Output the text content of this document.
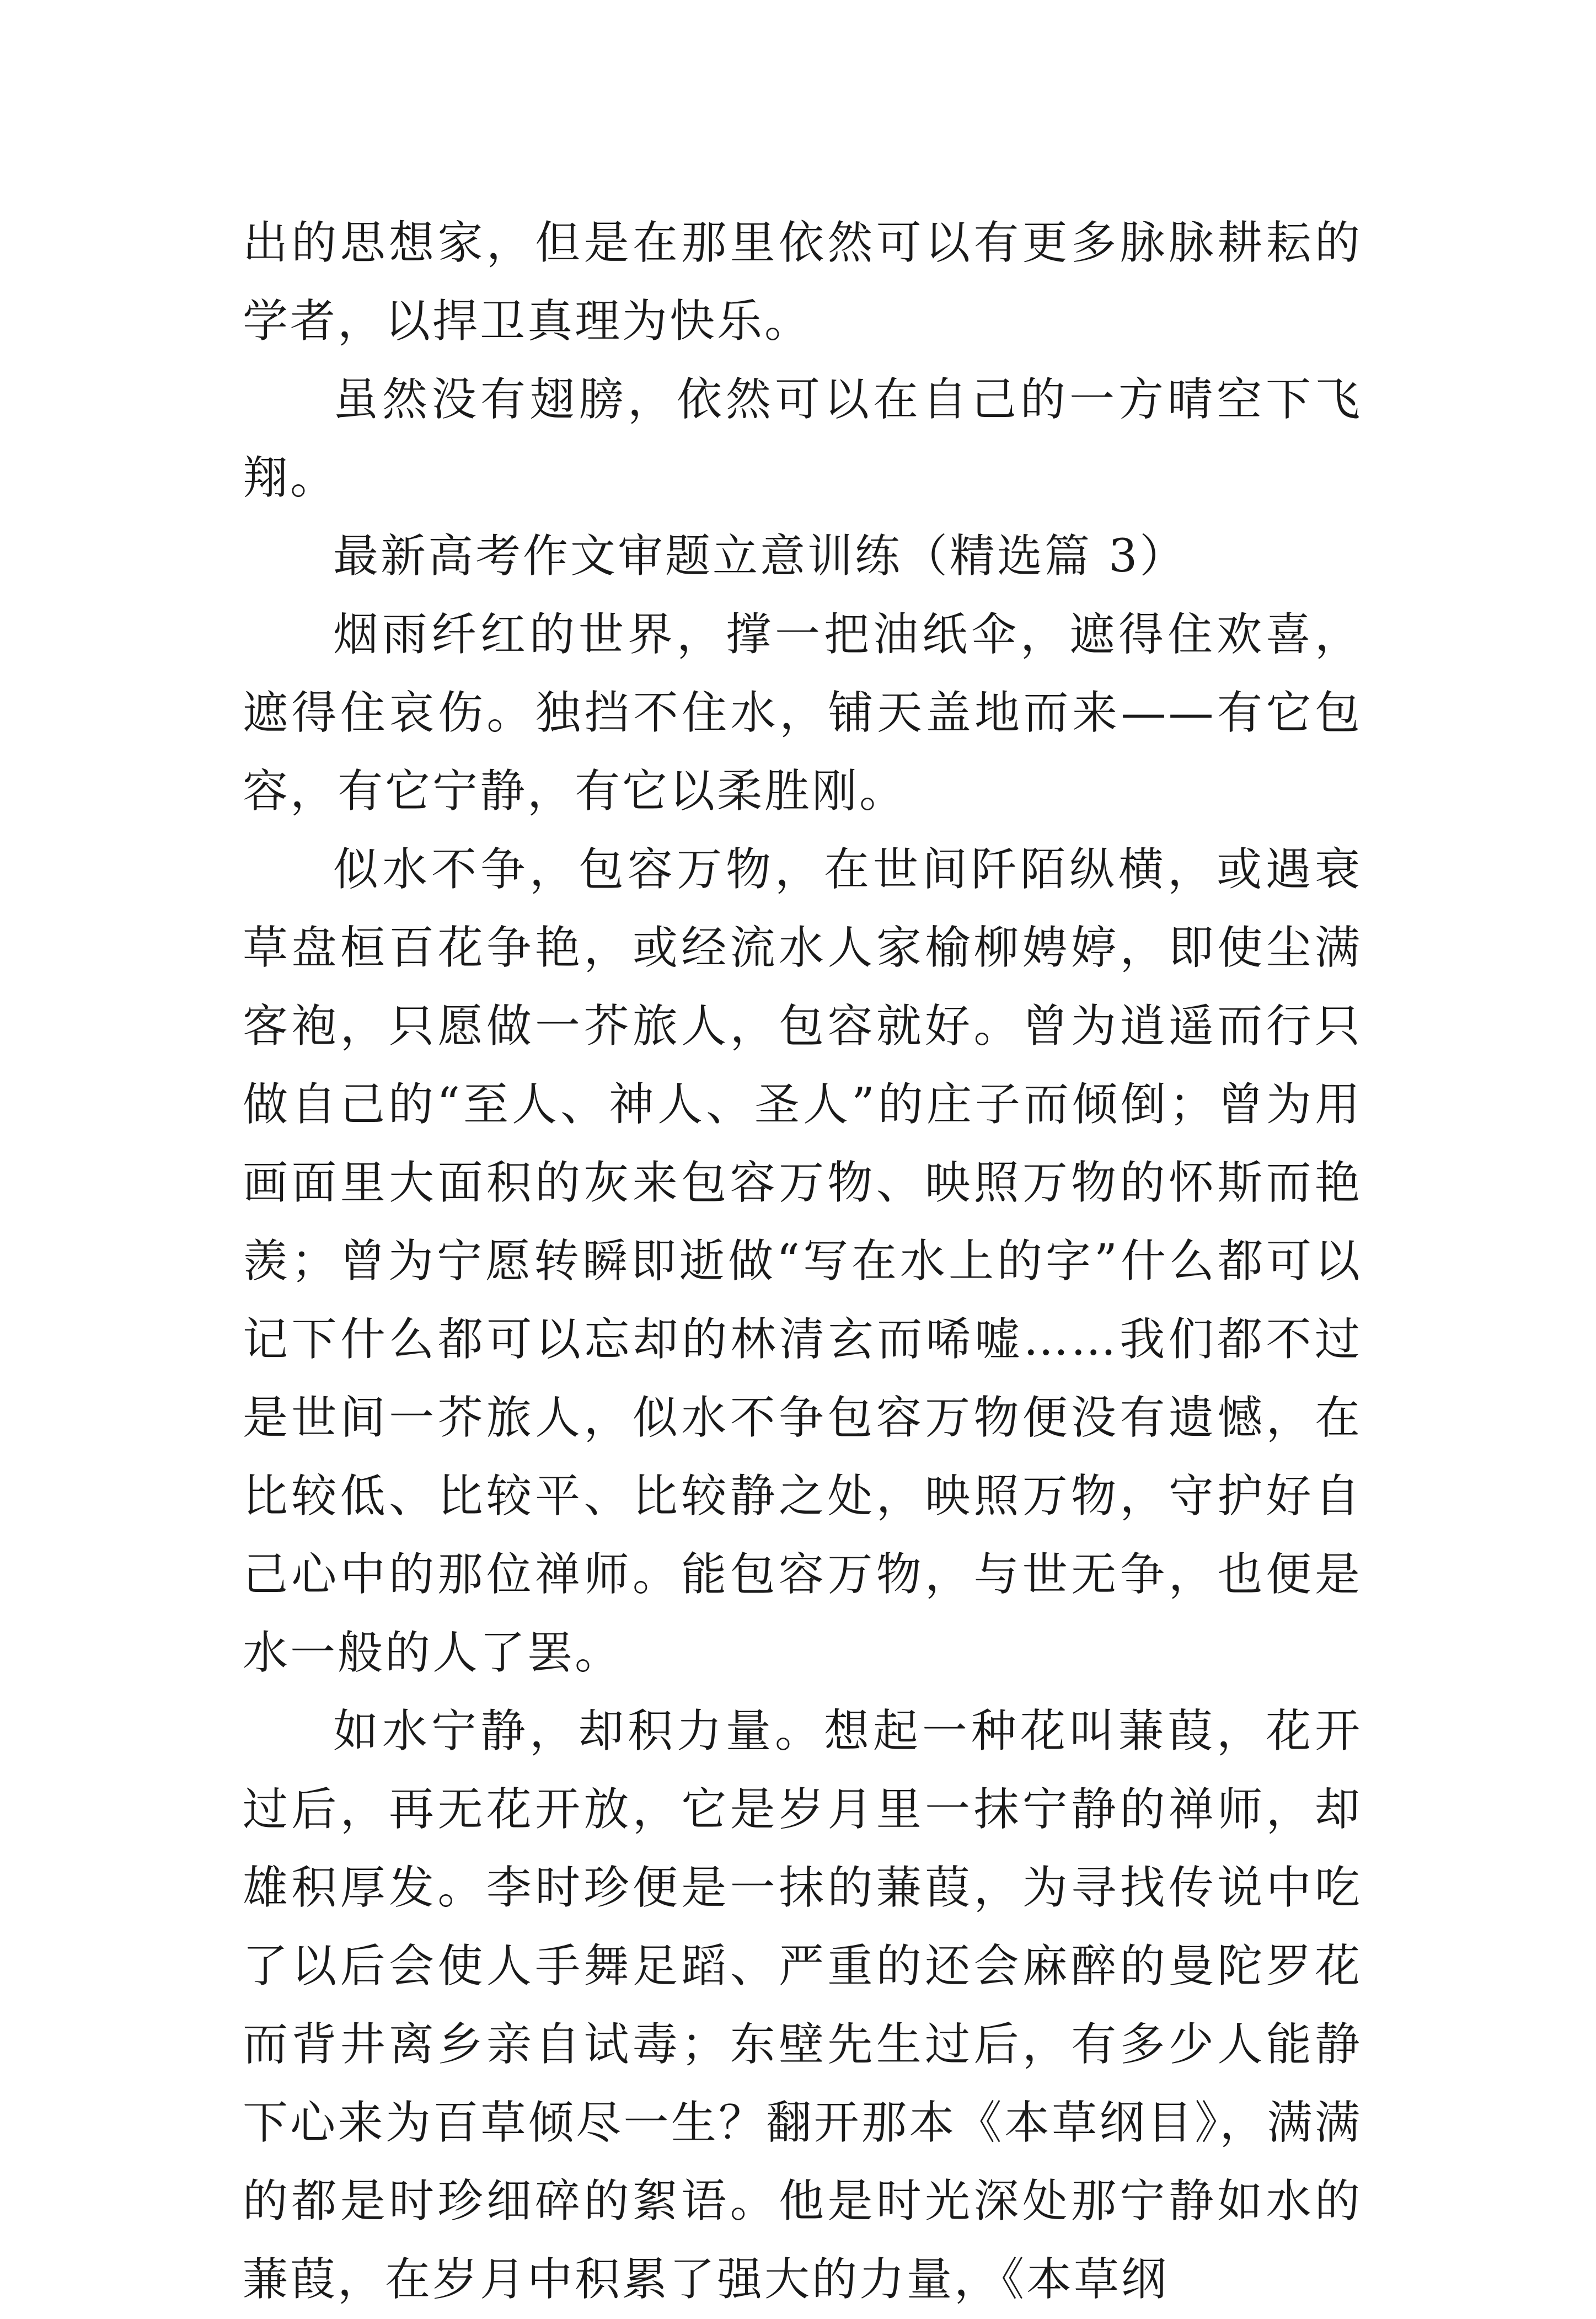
出的思想家，但是在那里依然可以有更多脉脉耕耘的学者，以捍卫真理为快乐。

虽然没有翅膀，依然可以在自己的一方晴空下飞翔。

最新高考作文审题立意训练（精选篇 3）

烟雨纤红的世界，撑一把油纸伞，遮得住欢喜，遮得住哀伤。独挡不住水，铺天盖地而来——有它包容，有它宁静，有它以柔胜刚。

似水不争，包容万物，在世间阡陌纵横，或遇衰草盘桓百花争艳，或经流水人家榆柳娉婷，即使尘满客袍，只愿做一芥旅人，包容就好。曾为逍遥而行只做自己的“至人、神人、圣人”的庄子而倾倒；曾为用画面里大面积的灰来包容万物、映照万物的怀斯而艳羡；曾为宁愿转瞬即逝做“写在水上的字”什么都可以记下什么都可以忘却的林清玄而唏嘘……我们都不过是世间一芥旅人，似水不争包容万物便没有遗憾，在比较低、比较平、比较静之处，映照万物，守护好自己心中的那位禅师。能包容万物，与世无争，也便是水一般的人了罢。

如水宁静，却积力量。想起一种花叫蒹葭，花开过后，再无花开放，它是岁月里一抹宁静的禅师，却雄积厚发。李时珍便是一抹的蒹葭，为寻找传说中吃了以后会使人手舞足蹈、严重的还会麻醉的曼陀罗花而背井离乡亲自试毒；东壁先生过后，有多少人能静下心来为百草倾尽一生？翻开那本《本草纲目》，满满的都是时珍细碎的絮语。他是时光深处那宁静如水的蒹葭，在岁月中积累了强大的力量，《本草纲
